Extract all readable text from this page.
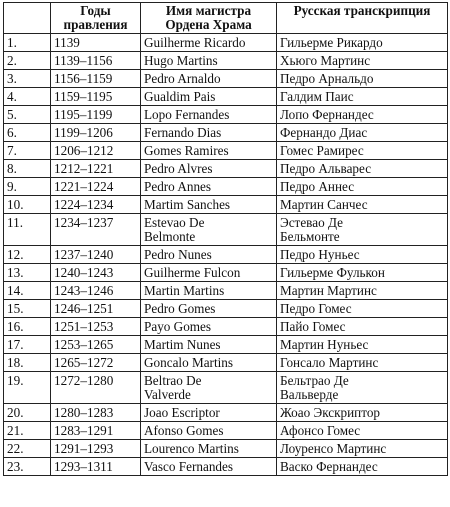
	Годы правления	Имя магистра Ордена Храма	Русская транскрипция
1.	1139	Guilherme Ricardo	Гильерме Рикардо
2.	1139–1156	Hugo Martins	Хьюго Мартинс
3.	1156–1159	Pedro Arnaldo	Педро Арнальдо
4.	1159–1195	Gualdim Pais	Галдим Паис
5.	1195–1199	Lopo Fernandes	Лопо Фернандес
6.	1199–1206	Fernando Dias	Фернандо Диас
7.	1206–1212	Gomes Ramires	Гомес Рамирес
8.	1212–1221	Pedro Alvres	Педро Альварес
9.	1221–1224	Pedro Annes	Педро Аннес
10.	1224–1234	Martim Sanches	Мартин Санчес
11.	1234–1237	Estevao De Belmonte	Эстевао Де Бельмонте
12.	1237–1240	Pedro Nunes	Педро Нуньес
13.	1240–1243	Guilherme Fulcon	Гильерме Фулькон
14.	1243–1246	Martin Martins	Мартин Мартинс
15.	1246–1251	Pedro Gomes	Педро Гомес
16.	1251–1253	Payo Gomes	Пайо Гомес
17.	1253–1265	Martim Nunes	Мартин Нуньес
18.	1265–1272	Goncalo Martins	Гонсало Мартинс
19.	1272–1280	Beltrao De Valverde	Бельтрао Де Вальверде
20.	1280–1283	Joao Escriptor	Жоао Экскриптор
21.	1283–1291	Afonso Gomes	Афонсо Гомес
22.	1291–1293	Lourenco Martins	Лоуренсо Мартинс
23.	1293–1311	Vasco Fernandes	Васко Фернандес
